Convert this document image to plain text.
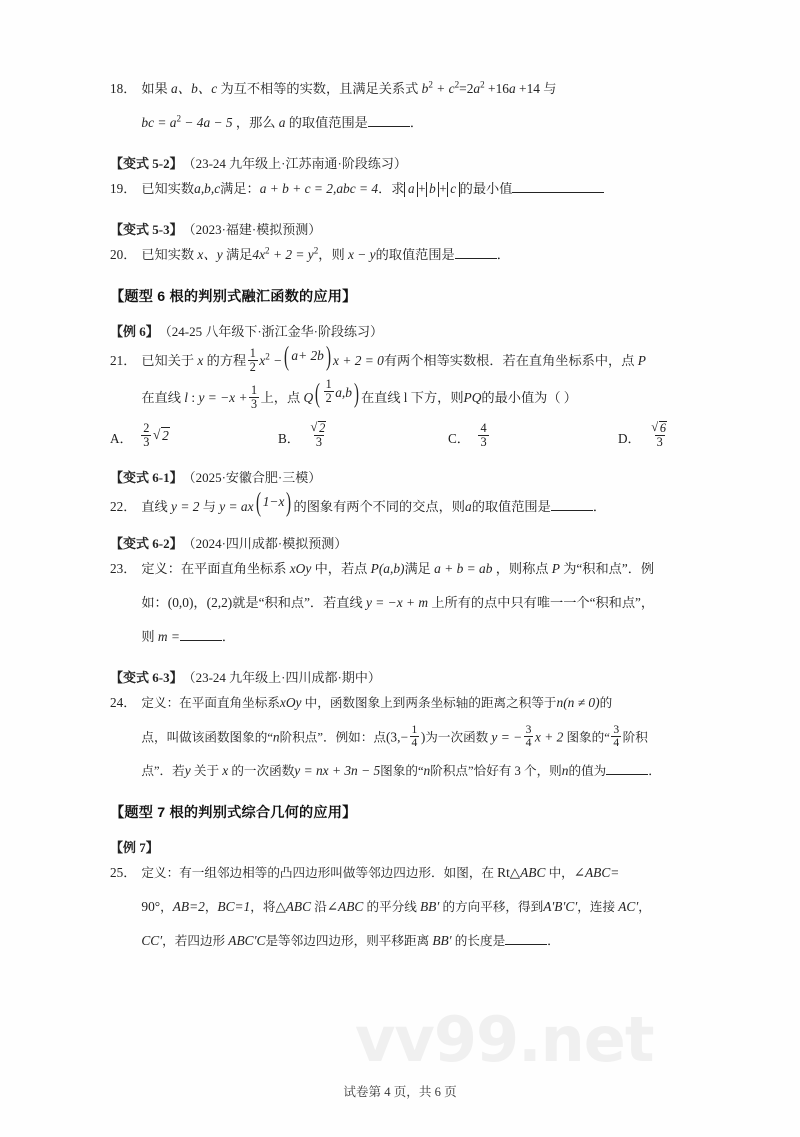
18． 如果 a、b、c 为互不相等的实数，且满足关系式 $b^2 + c^2=2a^2 +16a +14$ 与
bc = $a^2 - 4a - 5$ ，那么 a 的取值范围是	．
【变式 5-2】 （23-24 九年级上·江苏南通·阶段练习）
19． 已知实数a,b,c满足：a + b + c = 2,abc = 4．求 a + b + c 的最小值
【变式 5-3】 （2023·福建·模拟预测）
20． 已知实数 x、y 满足$4x^2 + 2 = y^2$，则 x − y的取值范围是	．
【题型 6 根的判别式融汇函数的应用】
【例 6】 （24-25 八年级下·浙江金华·阶段练习）
21． 已知关于 x 的方程 $\frac{1}{2} x^2$ − ( a + 2 b ) x + 2 = 0有两个相等实数根．若在直角坐标系中，点 P
在直线 l : $y = -x + \frac{1}{3}$ 上，点 Q ( $\frac{1}{2} a,b$ ) 在直线 l 下方，则PQ的最小值为（ ）
A． $\frac{2}{3}$ √ 2	B． √ $\frac{2}{3}$	C． $\frac{4}{3}$	D． √ $\frac{6}{3}$
【变式 6-1】 （2025·安徽合肥·三模）
22． 直线 y = 2 与 y = ax ( 1− x ) 的图象有两个不同的交点，则a的取值范围是	．
【变式 6-2】 （2024·四川成都·模拟预测）
23． 定义：在平面直角坐标系 xOy 中，若点 P(a,b)满足 a + b = ab ，则称点 P 为“积和点”．例
如：(0,0)，(2,2)就是“积和点”．若直线 y = −x + m 上所有的点中只有唯一一个“积和点”，
则 m =	．
【变式 6-3】 （23-24 九年级上·四川成都·期中）
24． 定义：在平面直角坐标系xOy 中，函数图象上到两条坐标轴的距离之积等于n(n ≠ 0)的
点，叫做该函数图象的“n阶积点”．例如：点($3,- \frac{1}{4}$ )为一次函数 y = − $\frac{3}{4}$ x + 2 图象的“ $\frac{3}{4}$ 阶积
点”．若y 关于 x 的一次函数y = nx + 3n − 5图象的“n阶积点”恰好有 3 个，则n的值为	．
【题型 7 根的判别式综合几何的应用】
【例 7】
25． 定义：有一组邻边相等的凸四边形叫做等邻边四边形．如图，在 Rt△ABC 中，∠ABC=
90°，AB=2，BC=1，将△ABC 沿∠ABC 的平分线 BB′ 的方向平移，得到A′B′C′，连接 AC′，
CC′，若四边形 ABC′C是等邻边四边形，则平移距离 BB′ 的长度是	．
vv99.net
试卷第 4 页，共 6 页
